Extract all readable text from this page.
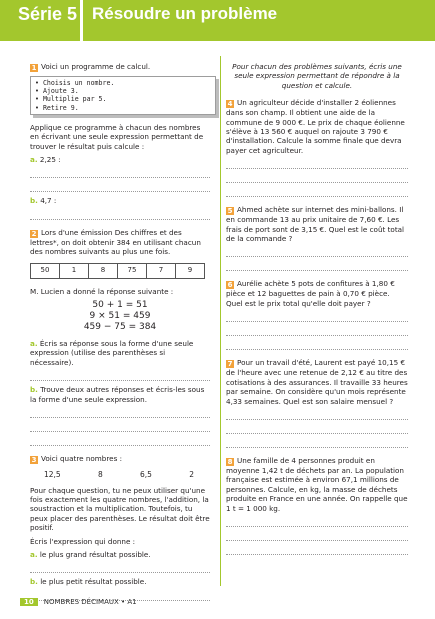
Série 5 Résoudre un problème
1 Voici un programme de calcul.
• Choisis un nombre.
• Ajoute 3.
• Multiplie par 5.
• Retire 9.
Applique ce programme à chacun des nombres en écrivant une seule expression permettant de trouver le résultat puis calcule :
a. 2,25 :
b. 4,7 :
2 Lors d'une émission Des chiffres et des lettres*, on doit obtenir 384 en utilisant chacun des nombres suivants au plus une fois.
50	1	8	75	7	9
M. Lucien a donné la réponse suivante :
50 + 1 = 51
9 × 51 = 459
459 − 75 = 384
a. Écris sa réponse sous la forme d'une seule expression (utilise des parenthèses si nécessaire).
b. Trouve deux autres réponses et écris-les sous la forme d'une seule expression.
3 Voici quatre nombres :
12,5	8	6,5	2
Pour chaque question, tu ne peux utiliser qu'une fois exactement les quatre nombres, l'addition, la soustraction et la multiplication. Toutefois, tu peux placer des parenthèses. Le résultat doit être positif.
Écris l'expression qui donne :
a. le plus grand résultat possible.
b. le plus petit résultat possible.
Pour chacun des problèmes suivants, écris une seule expression permettant de répondre à la question et calcule.
4 Un agriculteur décide d'installer 2 éoliennes dans son champ. Il obtient une aide de la commune de 9 000 €. Le prix de chaque éolienne s'élève à 13 560 € auquel on rajoute 3 790 € d'installation. Calcule la somme finale que devra payer cet agriculteur.
5 Ahmed achète sur internet des mini-ballons. Il en commande 13 au prix unitaire de 7,60 €. Les frais de port sont de 3,15 €. Quel est le coût total de la commande ?
6 Aurélie achète 5 pots de confitures à 1,80 € pièce et 12 baguettes de pain à 0,70 € pièce. Quel est le prix total qu'elle doit payer ?
7 Pour un travail d'été, Laurent est payé 10,15 € de l'heure avec une retenue de 2,12 € au titre des cotisations à des assurances. Il travaille 33 heures par semaine. On considère qu'un mois représente 4,33 semaines. Quel est son salaire mensuel ?
8 Une famille de 4 personnes produit en moyenne 1,42 t de déchets par an. La population française est estimée à environ 67,1 millions de personnes. Calcule, en kg, la masse de déchets produite en France en une année. On rappelle que 1 t = 1 000 kg.
10 NOMBRES DÉCIMAUX • A1
